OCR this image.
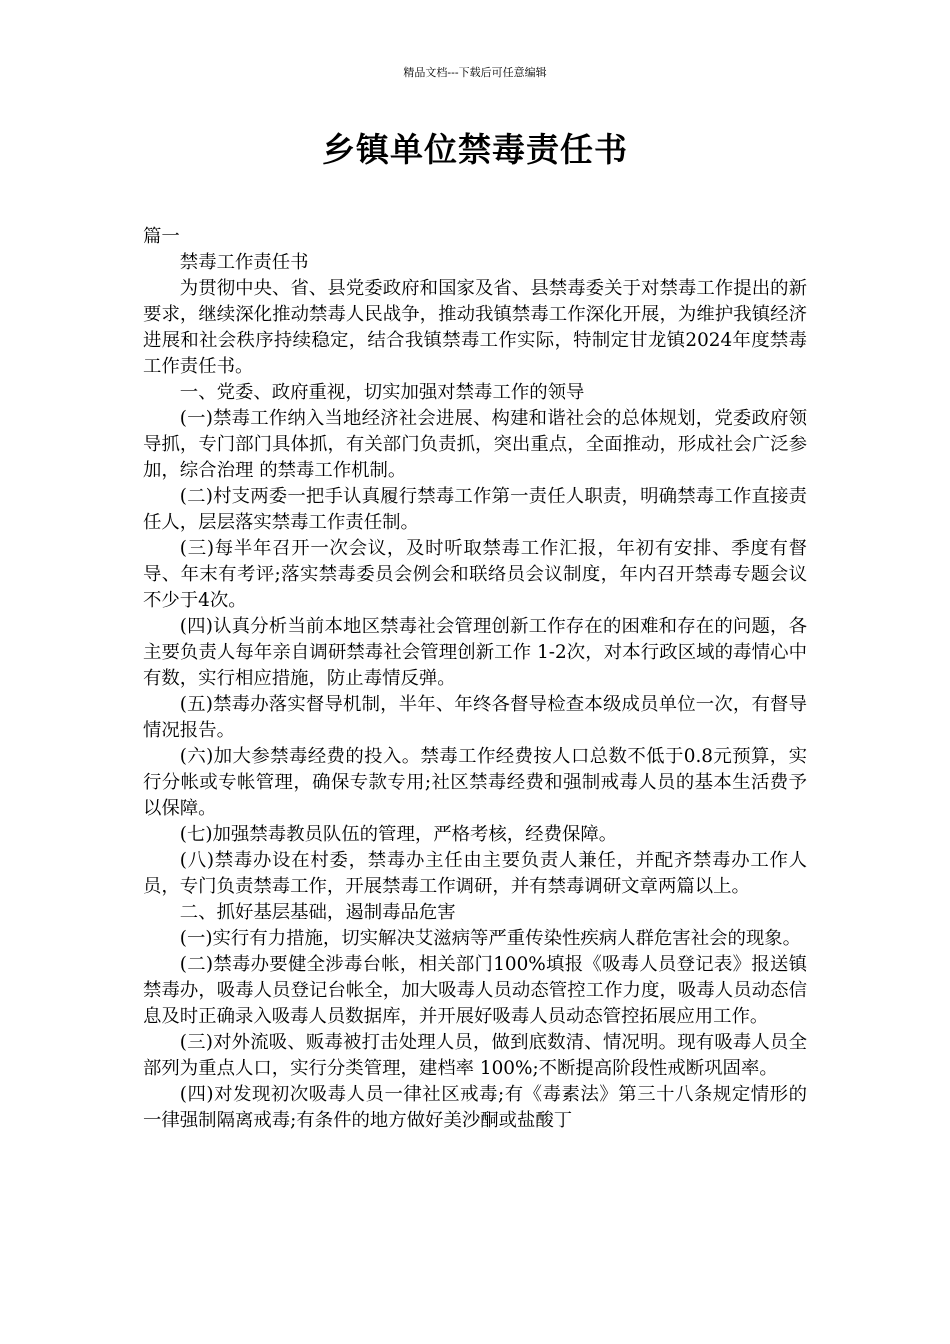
精品文档---下载后可任意编辑
乡镇单位禁毒责任书

篇一

禁毒工作责任书

为贯彻中央、省、县党委政府和国家及省、县禁毒委关于对禁毒工作提出的新要求，继续深化推动禁毒人民战争，推动我镇禁毒工作深化开展，为维护我镇经济进展和社会秩序持续稳定，结合我镇禁毒工作实际，特制定甘龙镇2024年度禁毒工作责任书。

一、党委、政府重视，切实加强对禁毒工作的领导

(一)禁毒工作纳入当地经济社会进展、构建和谐社会的总体规划，党委政府领导抓，专门部门具体抓，有关部门负责抓，突出重点，全面推动，形成社会广泛参加，综合治理 的禁毒工作机制。

(二)村支两委一把手认真履行禁毒工作第一责任人职责，明确禁毒工作直接责任人，层层落实禁毒工作责任制。

(三)每半年召开一次会议，及时听取禁毒工作汇报，年初有安排、季度有督导、年末有考评;落实禁毒委员会例会和联络员会议制度，年内召开禁毒专题会议不少于4次。

(四)认真分析当前本地区禁毒社会管理创新工作存在的困难和存在的问题，各主要负责人每年亲自调研禁毒社会管理创新工作 1-2次，对本行政区域的毒情心中有数，实行相应措施，防止毒情反弹。

(五)禁毒办落实督导机制，半年、年终各督导检查本级成员单位一次，有督导情况报告。

(六)加大参禁毒经费的投入。禁毒工作经费按人口总数不低于0.8元预算，实行分帐或专帐管理，确保专款专用;社区禁毒经费和强制戒毒人员的基本生活费予以保障。

(七)加强禁毒教员队伍的管理，严格考核，经费保障。

(八)禁毒办设在村委，禁毒办主任由主要负责人兼任，并配齐禁毒办工作人员，专门负责禁毒工作，开展禁毒工作调研，并有禁毒调研文章两篇以上。

二、抓好基层基础，遏制毒品危害

(一)实行有力措施，切实解决艾滋病等严重传染性疾病人群危害社会的现象。

(二)禁毒办要健全涉毒台帐，相关部门100%填报《吸毒人员登记表》报送镇禁毒办，吸毒人员登记台帐全，加大吸毒人员动态管控工作力度，吸毒人员动态信息及时正确录入吸毒人员数据库，并开展好吸毒人员动态管控拓展应用工作。

(三)对外流吸、贩毒被打击处理人员，做到底数清、情况明。现有吸毒人员全部列为重点人口，实行分类管理，建档率 100%;不断提高阶段性戒断巩固率。

(四)对发现初次吸毒人员一律社区戒毒;有《毒素法》第三十八条规定情形的一律强制隔离戒毒;有条件的地方做好美沙酮或盐酸丁
